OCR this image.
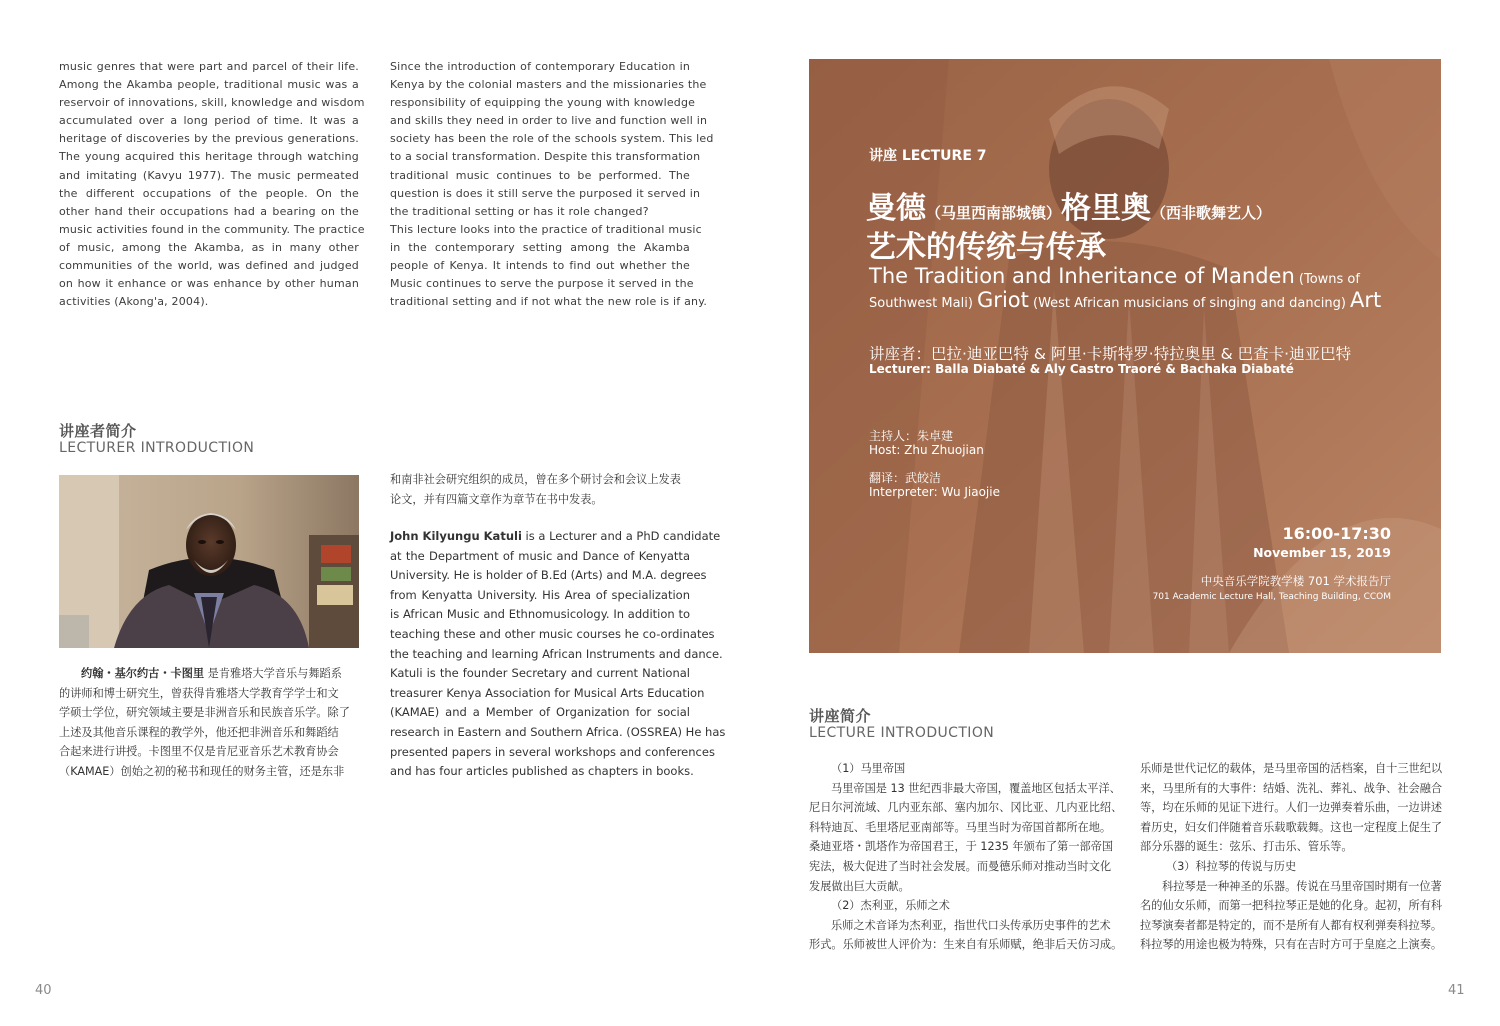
music genres that were part and parcel of their life.
Among the Akamba people, traditional music was a
reservoir of innovations, skill, knowledge and wisdom
accumulated over a long period of time. It was a
heritage of discoveries by the previous generations.
The young acquired this heritage through watching
and imitating (Kavyu 1977). The music permeated
the different occupations of the people. On the
other hand their occupations had a bearing on the
music activities found in the community. The practice
of music, among the Akamba, as in many other
communities of the world, was defined and judged
on how it enhance or was enhance by other human
activities (Akong'a, 2004).
Since the introduction of contemporary Education in
Kenya by the colonial masters and the missionaries the
responsibility of equipping the young with knowledge
and skills they need in order to live and function well in
society has been the role of the schools system. This led
to a social transformation. Despite this transformation
traditional music continues to be performed. The
question is does it still serve the purposed it served in
the traditional setting or has it role changed?
This lecture looks into the practice of traditional music
in the contemporary setting among the Akamba
people of Kenya. It intends to find out whether the
Music continues to serve the purpose it served in the
traditional setting and if not what the new role is if any.
讲座者简介
LECTURER INTRODUCTION
约翰・基尔约古・卡图里 是肯雅塔大学音乐与舞蹈系
的讲师和博士研究生，曾获得肯雅塔大学教育学学士和文
学硕士学位，研究领域主要是非洲音乐和民族音乐学。除了
上述及其他音乐课程的教学外，他还把非洲音乐和舞蹈结
合起来进行讲授。卡图里不仅是肯尼亚音乐艺术教育协会
（KAMAE）创始之初的秘书和现任的财务主管，还是东非
和南非社会研究组织的成员，曾在多个研讨会和会议上发表
论文，并有四篇文章作为章节在书中发表。
John Kilyungu Katuli is a Lecturer and a PhD candidate
at the Department of music and Dance of Kenyatta
University. He is holder of B.Ed (Arts) and M.A. degrees
from Kenyatta University. His Area of specialization
is African Music and Ethnomusicology. In addition to
teaching these and other music courses he co-ordinates
the teaching and learning African Instruments and dance.
Katuli is the founder Secretary and current National
treasurer Kenya Association for Musical Arts Education
(KAMAE) and a Member of Organization for social
research in Eastern and Southern Africa. (OSSREA) He has
presented papers in several workshops and conferences
and has four articles published as chapters in books.
40
讲座 LECTURE 7
曼德（马里西南部城镇）格里奥（西非歌舞艺人）
艺术的传统与传承
The Tradition and Inheritance of Manden (Towns of
Southwest Mali) Griot (West African musicians of singing and dancing) Art
讲座者：巴拉·迪亚巴特 & 阿里·卡斯特罗·特拉奥里 & 巴查卡·迪亚巴特
Lecturer: Balla Diabaté & Aly Castro Traoré & Bachaka Diabaté
主持人：朱卓建
Host: Zhu Zhuojian
翻译：武皎洁
Interpreter: Wu Jiaojie
16:00-17:30
November 15, 2019
中央音乐学院教学楼 701 学术报告厅
701 Academic Lecture Hall, Teaching Building, CCOM
讲座简介
LECTURE INTRODUCTION
（1）马里帝国
马里帝国是 13 世纪西非最大帝国，覆盖地区包括太平洋、
尼日尔河流域、几内亚东部、塞内加尔、冈比亚、几内亚比绍、
科特迪瓦、毛里塔尼亚南部等。马里当时为帝国首都所在地。
桑迪亚塔・凯塔作为帝国君王，于 1235 年颁布了第一部帝国
宪法，极大促进了当时社会发展。而曼德乐师对推动当时文化
发展做出巨大贡献。
（2）杰利亚，乐师之术
乐师之术音译为杰利亚，指世代口头传承历史事件的艺术
形式。乐师被世人评价为：生来自有乐师赋，绝非后天仿习成。
乐师是世代记忆的载体，是马里帝国的活档案，自十三世纪以
来，马里所有的大事件：结婚、洗礼、葬礼、战争、社会融合
等，均在乐师的见证下进行。人们一边弹奏着乐曲，一边讲述
着历史，妇女们伴随着音乐载歌载舞。这也一定程度上促生了
部分乐器的诞生：弦乐、打击乐、管乐等。
（3）科拉琴的传说与历史
科拉琴是一种神圣的乐器。传说在马里帝国时期有一位著
名的仙女乐师，而第一把科拉琴正是她的化身。起初，所有科
拉琴演奏者都是特定的，而不是所有人都有权利弹奏科拉琴。
科拉琴的用途也极为特殊，只有在吉时方可于皇庭之上演奏。
41
